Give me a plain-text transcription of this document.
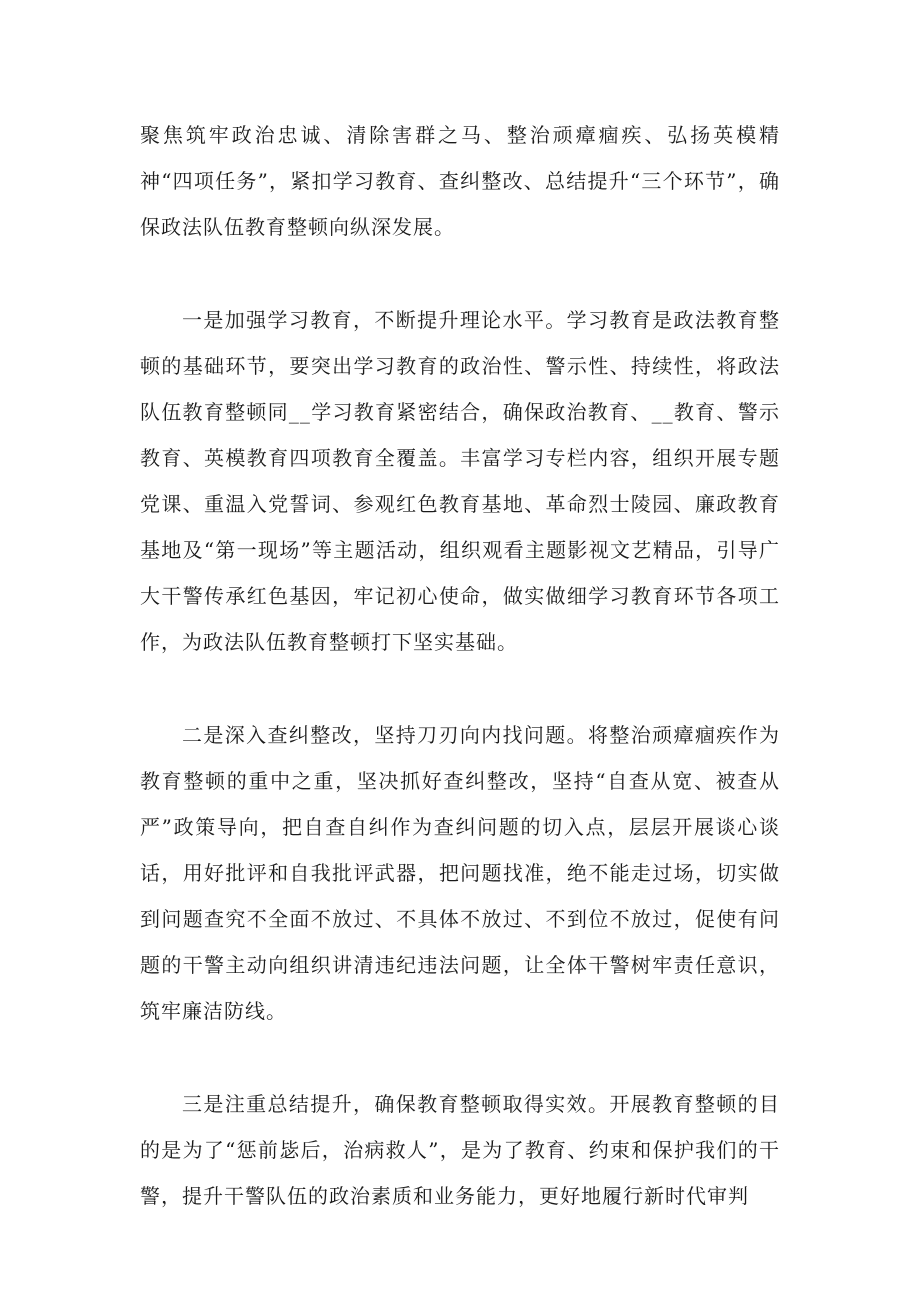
聚焦筑牢政治忠诚、清除害群之马、整治顽瘴痼疾、弘扬英模精神“四项任务”，紧扣学习教育、查纠整改、总结提升“三个环节”，确保政法队伍教育整顿向纵深发展。

一是加强学习教育，不断提升理论水平。学习教育是政法教育整顿的基础环节，要突出学习教育的政治性、警示性、持续性，将政法队伍教育整顿同__学习教育紧密结合，确保政治教育、__教育、警示教育、英模教育四项教育全覆盖。丰富学习专栏内容，组织开展专题党课、重温入党誓词、参观红色教育基地、革命烈士陵园、廉政教育基地及“第一现场”等主题活动，组织观看主题影视文艺精品，引导广大干警传承红色基因，牢记初心使命，做实做细学习教育环节各项工作，为政法队伍教育整顿打下坚实基础。

二是深入查纠整改，坚持刀刃向内找问题。将整治顽瘴痼疾作为教育整顿的重中之重，坚决抓好查纠整改，坚持“自查从宽、被查从严”政策导向，把自查自纠作为查纠问题的切入点，层层开展谈心谈话，用好批评和自我批评武器，把问题找准，绝不能走过场，切实做到问题查究不全面不放过、不具体不放过、不到位不放过，促使有问题的干警主动向组织讲清违纪违法问题，让全体干警树牢责任意识，筑牢廉洁防线。

三是注重总结提升，确保教育整顿取得实效。开展教育整顿的目的是为了“惩前毖后，治病救人”，是为了教育、约束和保护我们的干警，提升干警队伍的政治素质和业务能力，更好地履行新时代审判
